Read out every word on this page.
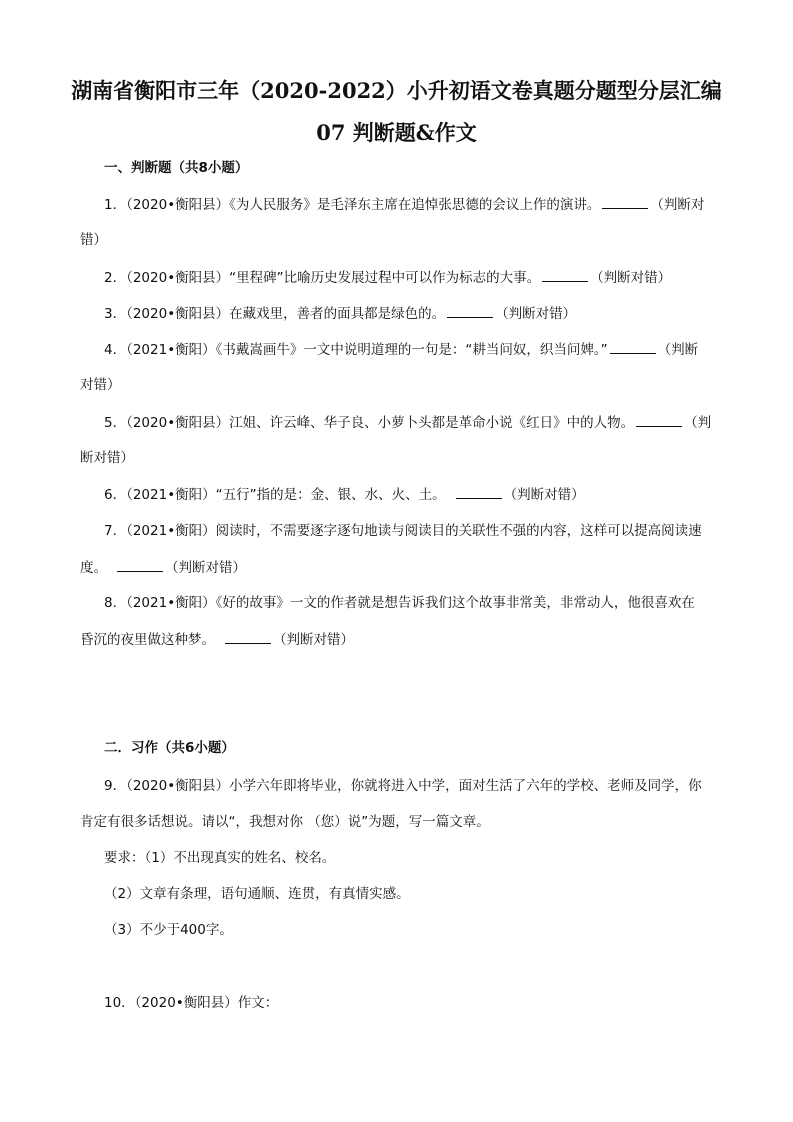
湖南省衡阳市三年（2020-2022）小升初语文卷真题分题型分层汇编
07 判断题&作文
一、判断题（共8小题）
1．（2020•衡阳县）《为人民服务》是毛泽东主席在追悼张思德的会议上作的演讲。	（判断对
错）
2．（2020•衡阳县）“里程碑”比喻历史发展过程中可以作为标志的大事。	（判断对错）
3．（2020•衡阳县）在藏戏里，善者的面具都是绿色的。	（判断对错）
4．（2021•衡阳）《书戴嵩画牛》一文中说明道理的一句是：“耕当问奴，织当问婢。”	（判断
对错）
5．（2020•衡阳县）江姐、许云峰、华子良、小萝卜头都是革命小说《红日》中的人物。	（判
断对错）
6．（2021•衡阳）“五行”指的是：金、银、水、火、土。	（判断对错）
7．（2021•衡阳）阅读时，不需要逐字逐句地读与阅读目的关联性不强的内容，这样可以提高阅读速
度。	（判断对错）
8．（2021•衡阳）《好的故事》一文的作者就是想告诉我们这个故事非常美，非常动人，他很喜欢在
昏沉的夜里做这种梦。	（判断对错）
二．习作（共6小题）
9．（2020•衡阳县）小学六年即将毕业，你就将进入中学，面对生活了六年的学校、老师及同学，你
肯定有很多话想说。请以“，我想对你 （您）说”为题，写一篇文章。
要求：（1）不出现真实的姓名、校名。
（2）文章有条理，语句通顺、连贯，有真情实感。
（3）不少于400字。
10．（2020•衡阳县）作文：
